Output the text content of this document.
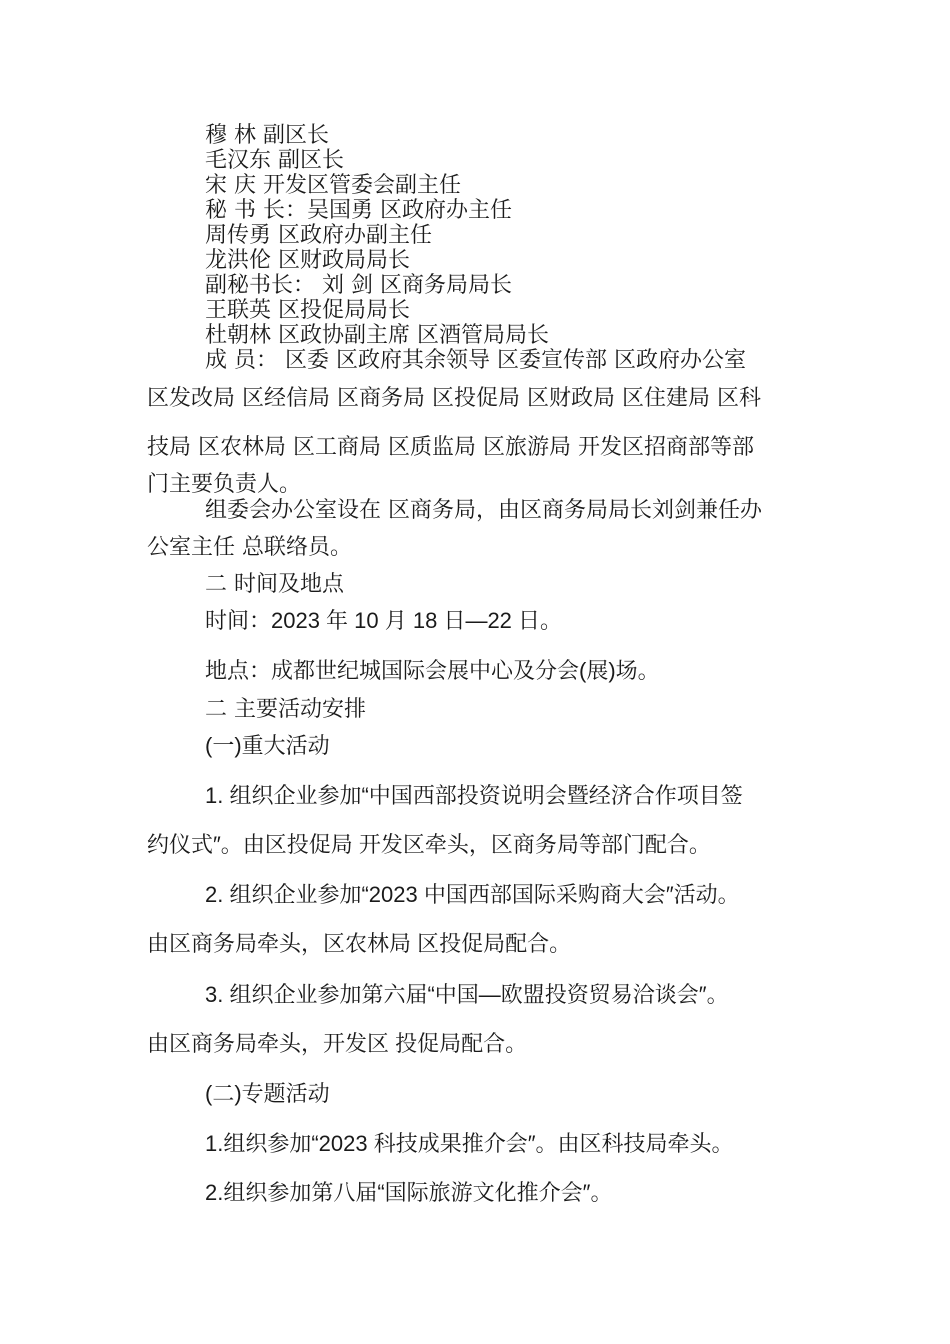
穆 林 副区长
毛汉东 副区长
宋 庆 开发区管委会副主任
秘 书 长：吴国勇 区政府办主任
周传勇 区政府办副主任
龙洪伦 区财政局局长
副秘书长： 刘 剑 区商务局局长
王联英 区投促局局长
杜朝林 区政协副主席 区酒管局局长
成 员： 区委 区政府其余领导 区委宣传部 区政府办公室
区发改局 区经信局 区商务局 区投促局 区财政局 区住建局 区科
技局 区农林局 区工商局 区质监局 区旅游局 开发区招商部等部
门主要负责人。
组委会办公室设在 区商务局，由区商务局局长刘剑兼任办
公室主任 总联络员。
二 时间及地点
时间：2023 年 10 月 18 日—22 日。
地点：成都世纪城国际会展中心及分会(展)场。
二 主要活动安排
(一)重大活动
1. 组织企业参加“中国西部投资说明会暨经济合作项目签
约仪式″。由区投促局 开发区牵头，区商务局等部门配合。
2. 组织企业参加“2023 中国西部国际采购商大会″活动。
由区商务局牵头，区农林局 区投促局配合。
3. 组织企业参加第六届“中国—欧盟投资贸易洽谈会″。
由区商务局牵头，开发区 投促局配合。
(二)专题活动
1.组织参加“2023 科技成果推介会″。由区科技局牵头。
2.组织参加第八届“国际旅游文化推介会″。
